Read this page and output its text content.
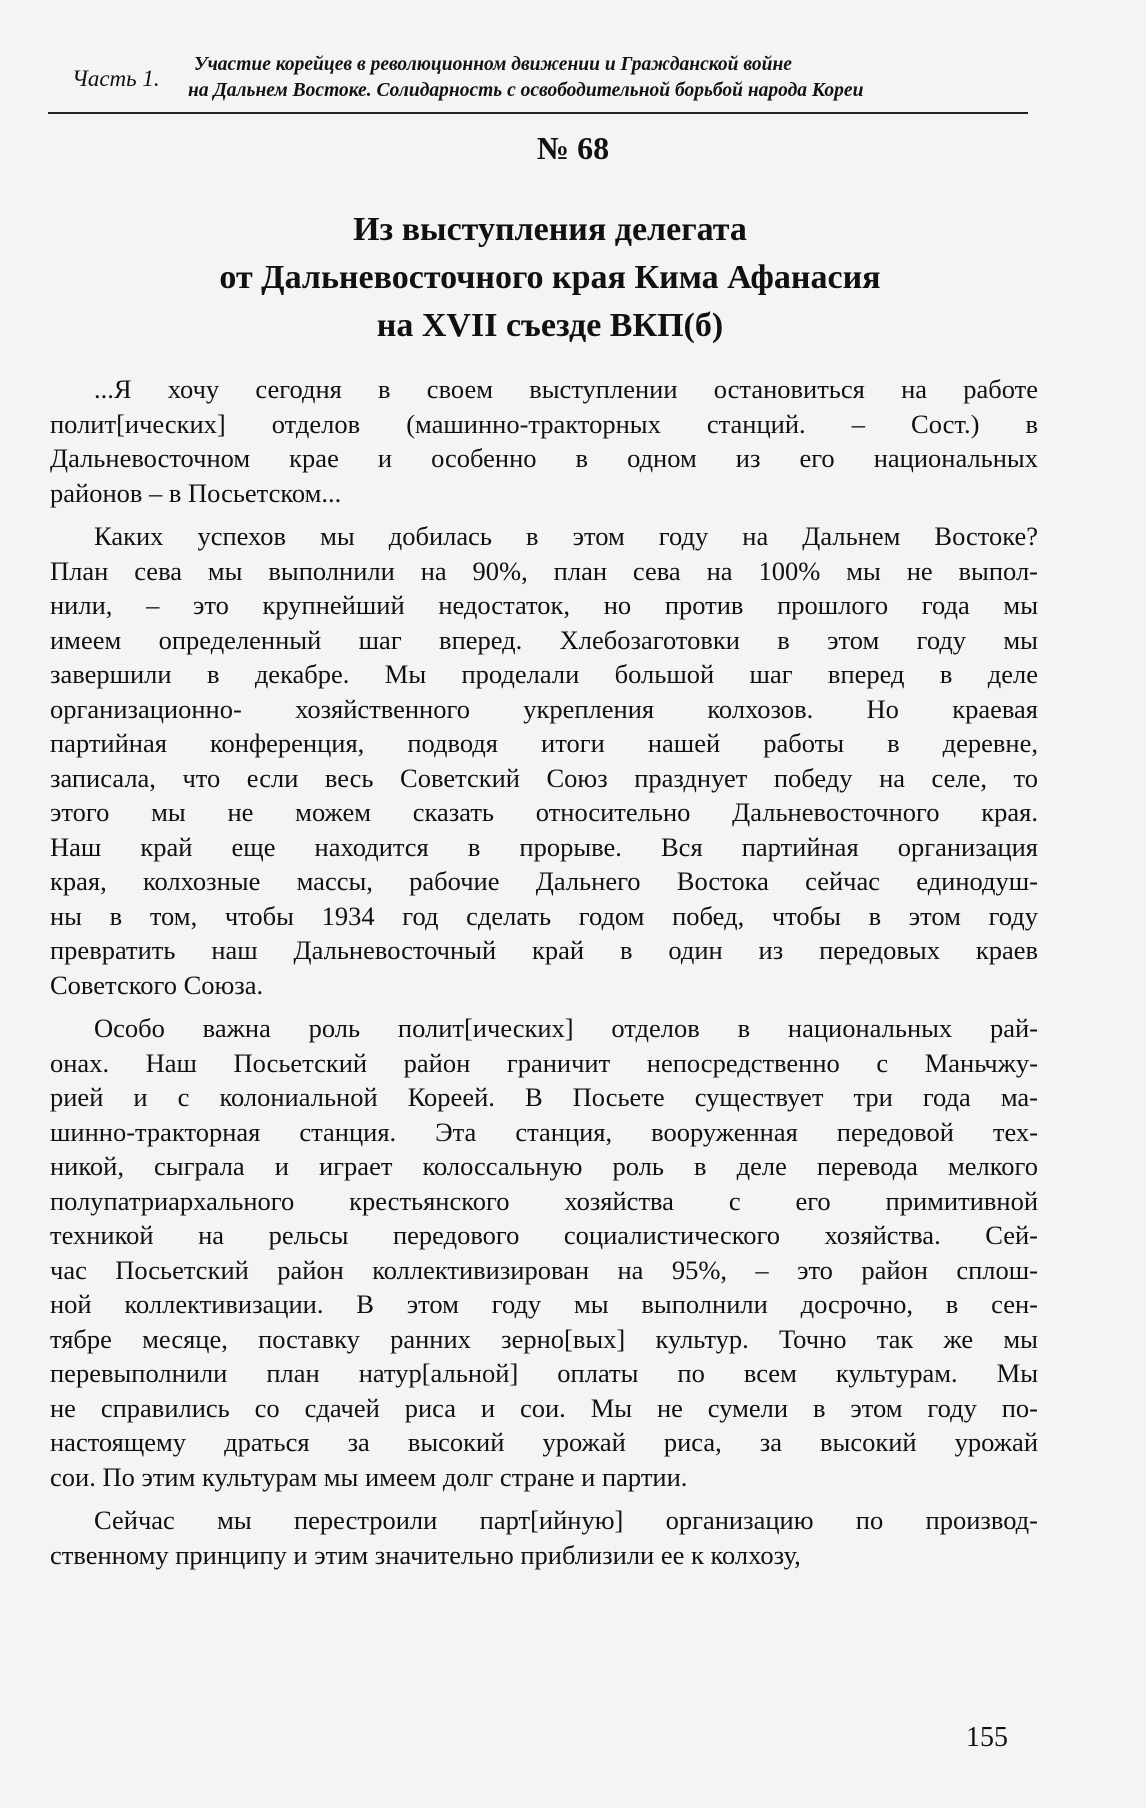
Часть 1.
Участие корейцев в революционном движении и Гражданской войне
на Дальнем Востоке. Солидарность с освободительной борьбой народа Кореи
№ 68
Из выступления делегата
от Дальневосточного края Кима Афанасия
на XVII съезде ВКП(б)
...Я хочу сегодня в своем выступлении остановиться на работе
полит[ических] отделов (машинно-тракторных станций. – Сост.) в
Дальневосточном крае и особенно в одном из его национальных
районов – в Посьетском...
Каких успехов мы добилась в этом году на Дальнем Востоке?
План сева мы выполнили на 90%, план сева на 100% мы не выпол-
нили, – это крупнейший недостаток, но против прошлого года мы
имеем определенный шаг вперед. Хлебозаготовки в этом году мы
завершили в декабре. Мы проделали большой шаг вперед в деле
организационно- хозяйственного укрепления колхозов. Но краевая
партийная конференция, подводя итоги нашей работы в деревне,
записала, что если весь Советский Союз празднует победу на селе, то
этого мы не можем сказать относительно Дальневосточного края.
Наш край еще находится в прорыве. Вся партийная организация
края, колхозные массы, рабочие Дальнего Востока сейчас единодуш-
ны в том, чтобы 1934 год сделать годом побед, чтобы в этом году
превратить наш Дальневосточный край в один из передовых краев
Советского Союза.
Особо важна роль полит[ических] отделов в национальных рай-
онах. Наш Посьетский район граничит непосредственно с Маньчжу-
рией и с колониальной Кореей. В Посьете существует три года ма-
шинно-тракторная станция. Эта станция, вооруженная передовой тех-
никой, сыграла и играет колоссальную роль в деле перевода мелкого
полупатриархального крестьянского хозяйства с его примитивной
техникой на рельсы передового социалистического хозяйства. Сей-
час Посьетский район коллективизирован на 95%, – это район сплош-
ной коллективизации. В этом году мы выполнили досрочно, в сен-
тябре месяце, поставку ранних зерно[вых] культур. Точно так же мы
перевыполнили план натур[альной] оплаты по всем культурам. Мы
не справились со сдачей риса и сои. Мы не сумели в этом году по-
настоящему драться за высокий урожай риса, за высокий урожай
сои. По этим культурам мы имеем долг стране и партии.
Сейчас мы перестроили парт[ийную] организацию по производ-
ственному принципу и этим значительно приблизили ее к колхозу,
155
